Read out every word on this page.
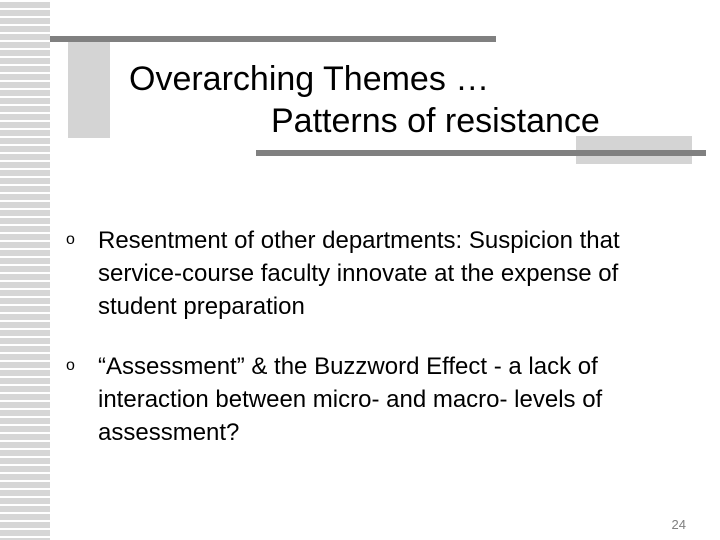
Overarching Themes …
Patterns of resistance
o Resentment of other departments: Suspicion that service-course faculty innovate at the expense of student preparation
o “Assessment” & the Buzzword Effect - a lack of interaction between micro- and macro- levels of assessment?
24
